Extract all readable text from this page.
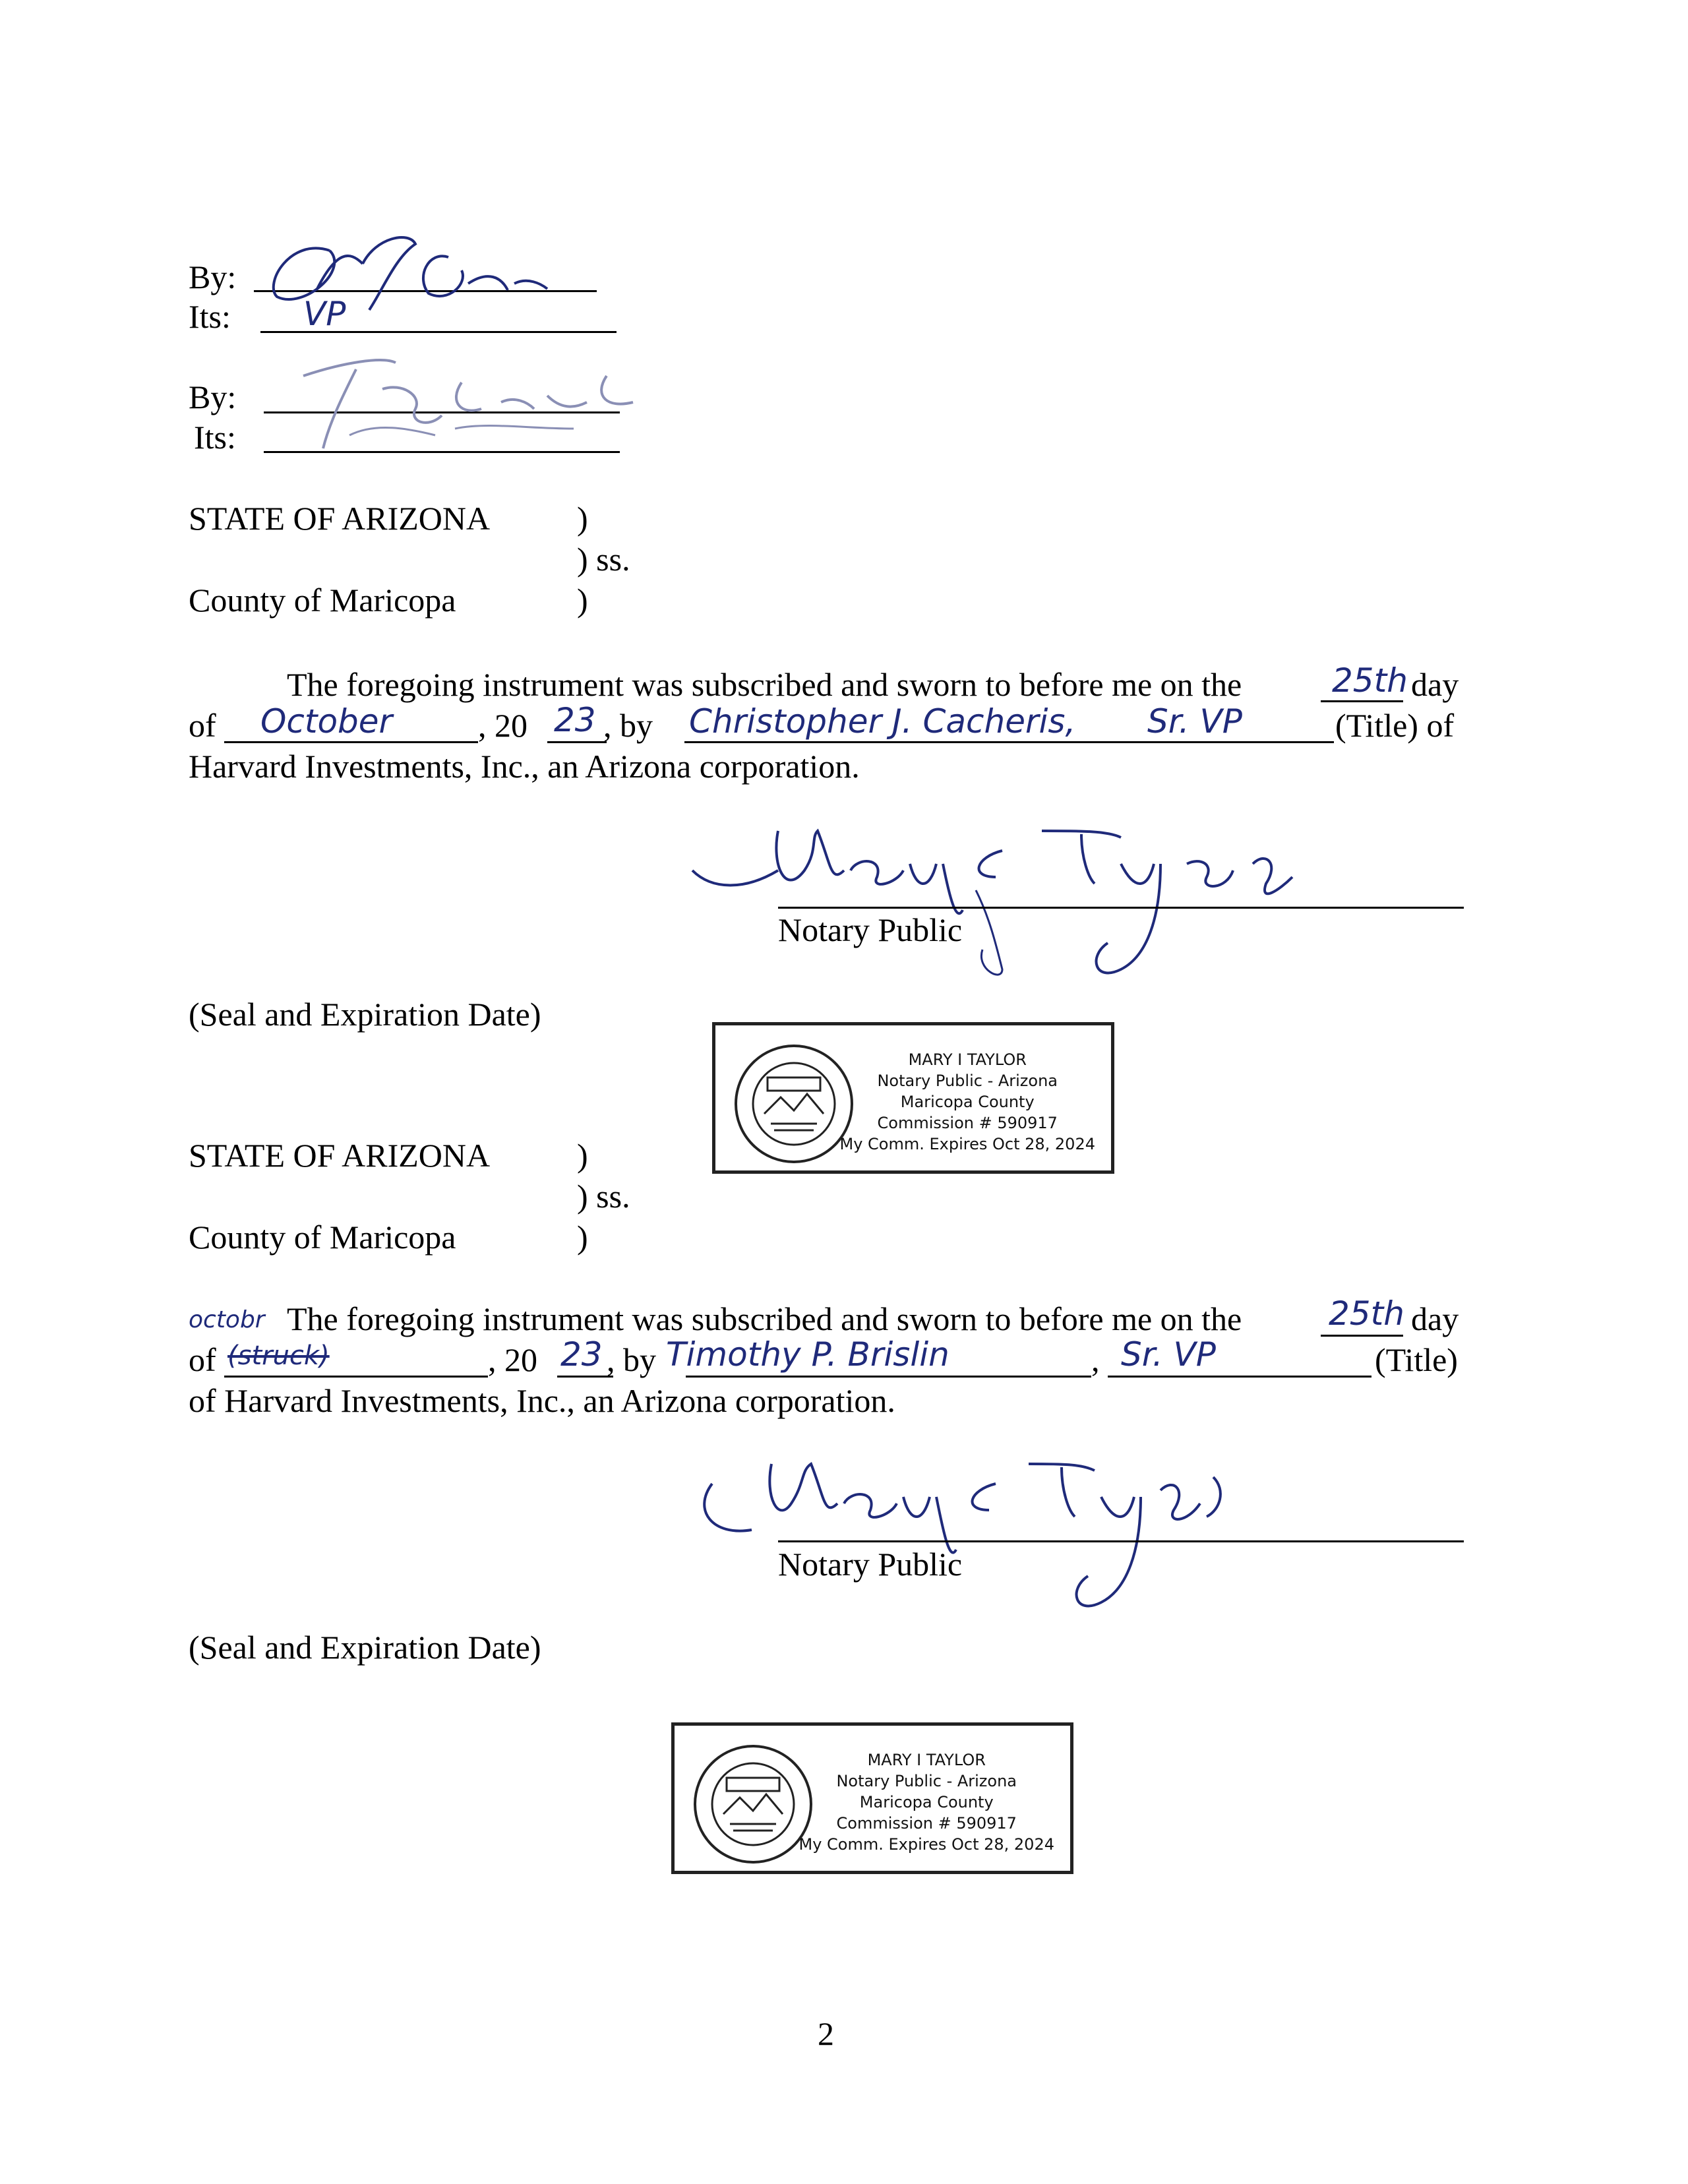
By:
Its: VP
By:
Its:
STATE OF ARIZONA	)
) ss.
County of Maricopa	)
The foregoing instrument was subscribed and sworn to before me on the	25th day
of October	, 20 23 , by Christopher J. Cacheris, Sr. VP	(Title) of
Harvard Investments, Inc., an Arizona corporation.
Notary Public
(Seal and Expiration Date)
MARY I TAYLOR
Notary Public - Arizona
Maricopa County
Commission # 590917
My Comm. Expires Oct 28, 2024
STATE OF ARIZONA	)
) ss.
County of Maricopa	)
octobr The foregoing instrument was subscribed and sworn to before me on the	25th day
of (struck)	, 20 23 , by Timothy P. Brislin	, Sr. VP	(Title)
of Harvard Investments, Inc., an Arizona corporation.
Notary Public
(Seal and Expiration Date)
MARY I TAYLOR
Notary Public - Arizona
Maricopa County
Commission # 590917
My Comm. Expires Oct 28, 2024
2
